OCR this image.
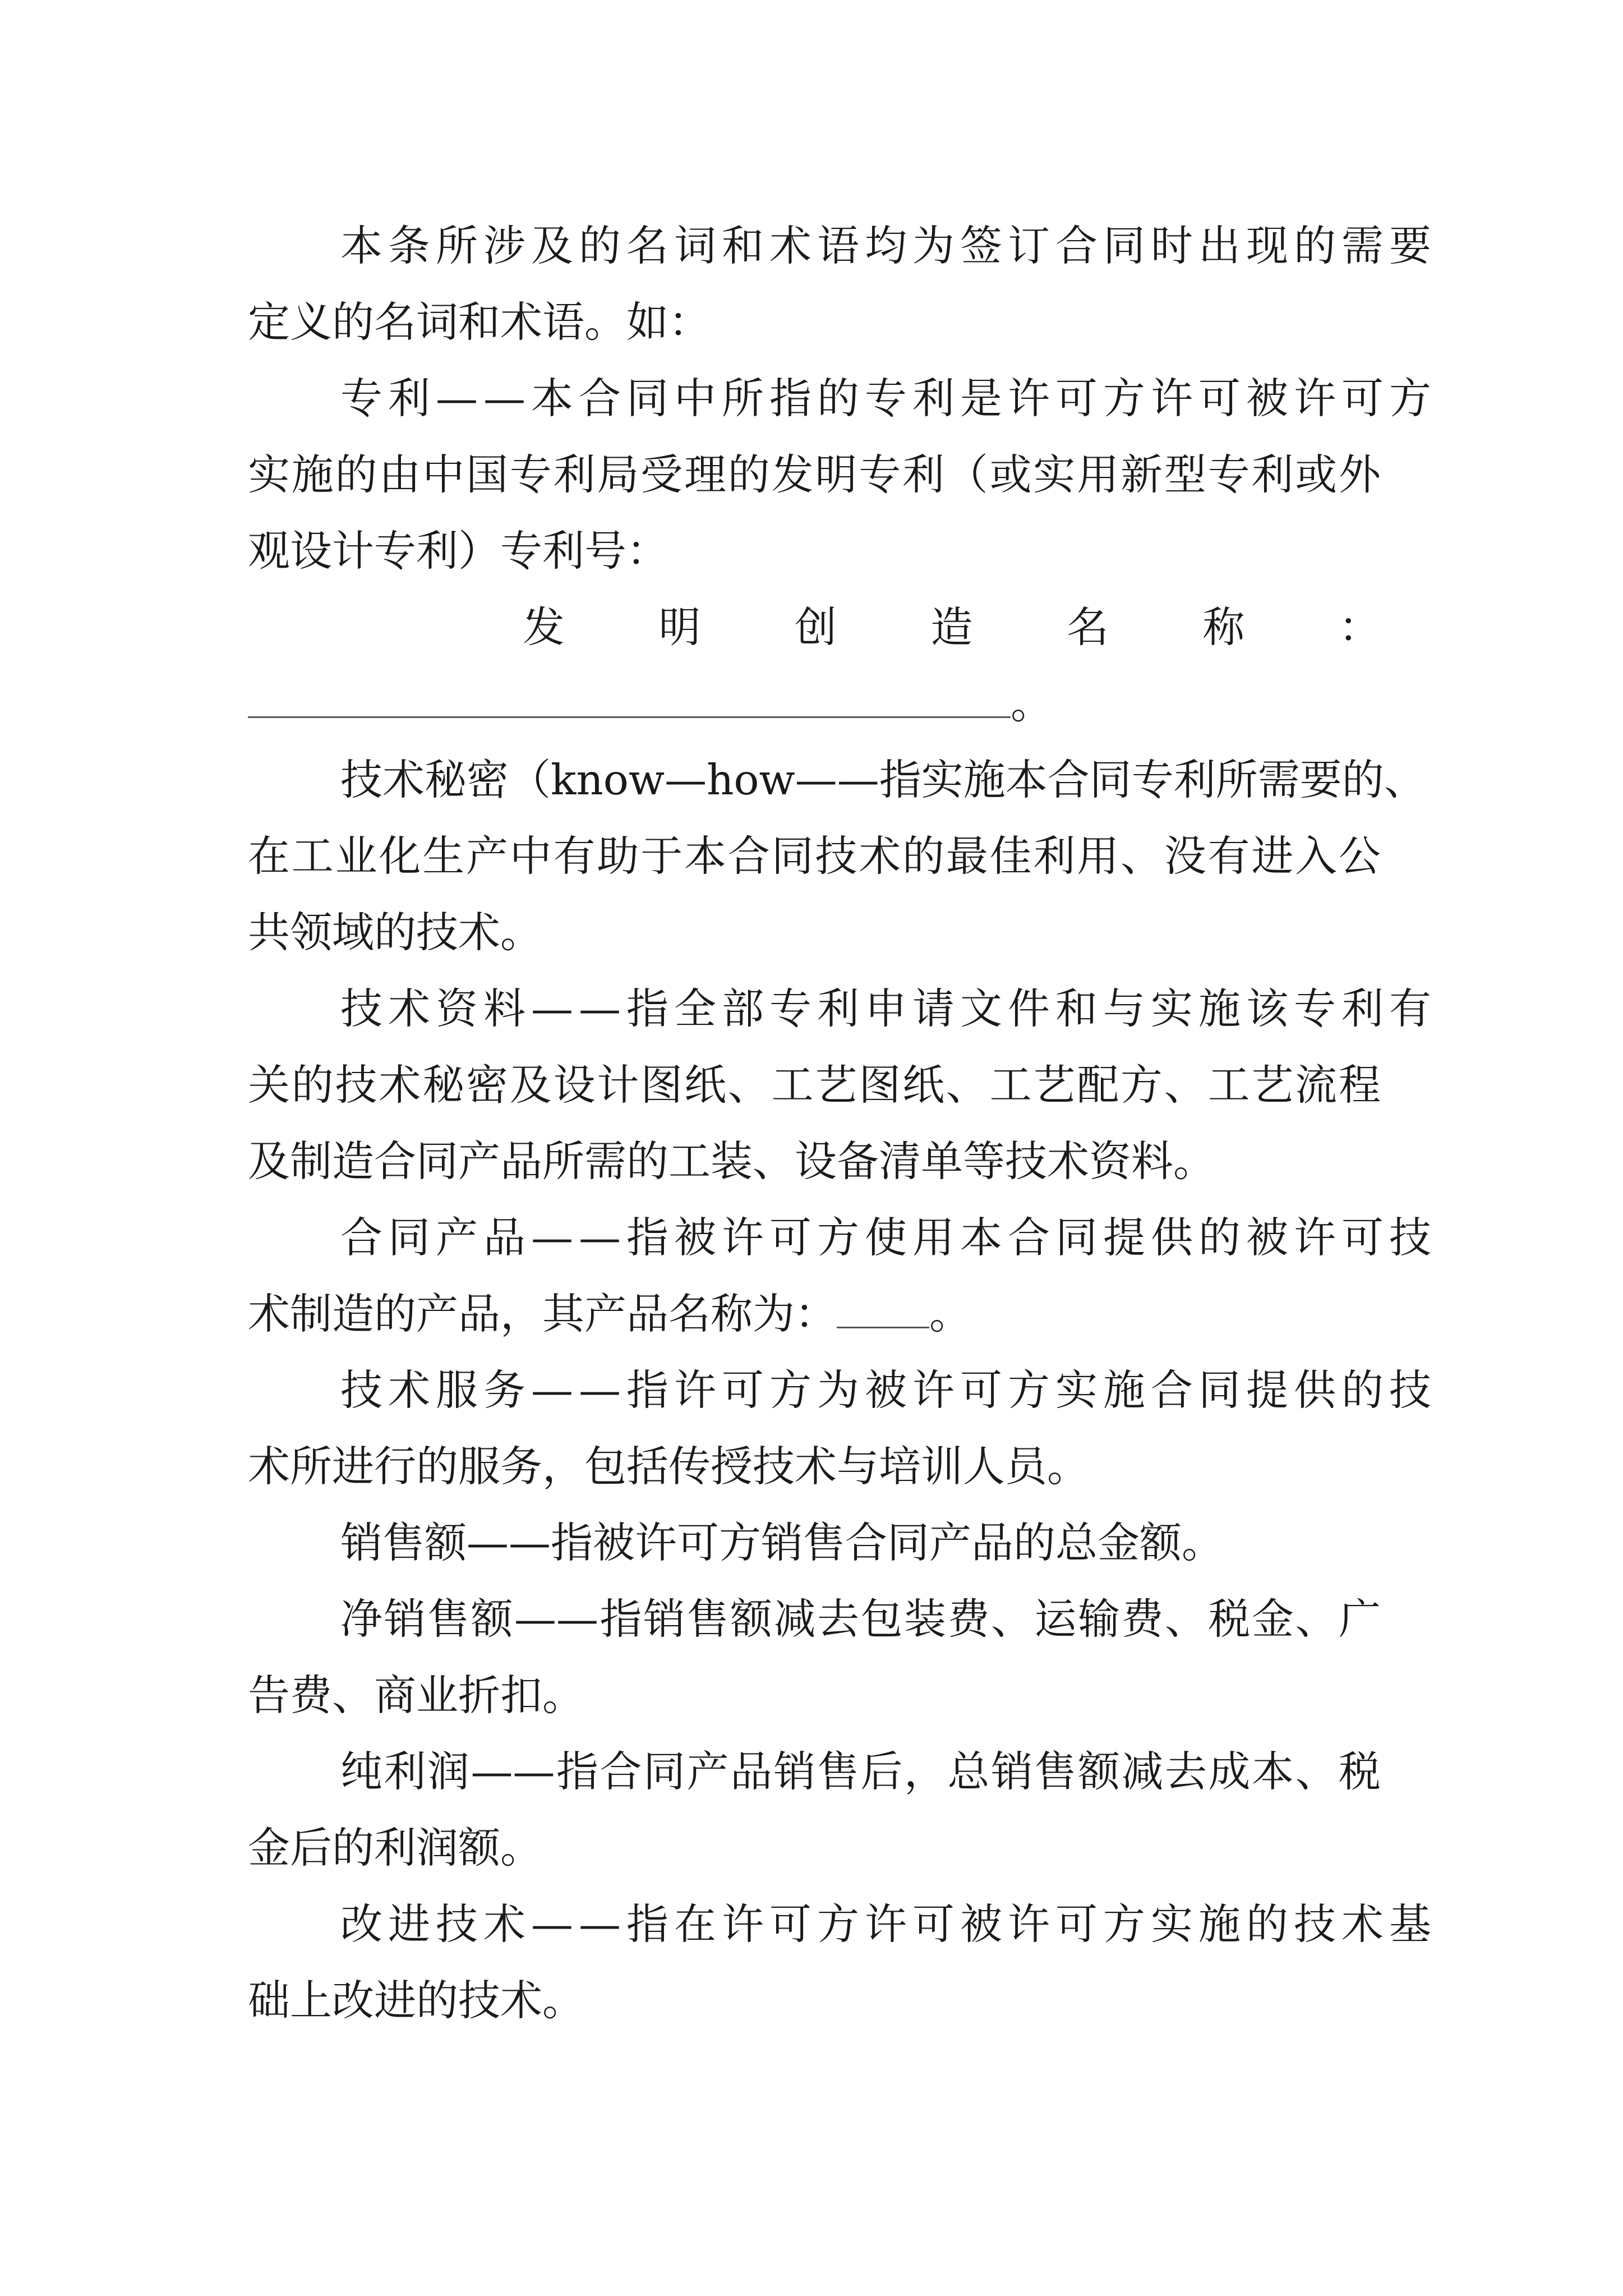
本条所涉及的名词和术语均为签订合同时出现的需要
定义的名词和术语。如：
专利——本合同中所指的专利是许可方许可被许可方
实施的由中国专利局受理的发明专利（或实用新型专利或外
观设计专利）专利号：
发 明 创 造 名 称 ：
。
技术秘密（know—how——指实施本合同专利所需要的、
在工业化生产中有助于本合同技术的最佳利用、没有进入公
共领域的技术。
技术资料——指全部专利申请文件和与实施该专利有
关的技术秘密及设计图纸、工艺图纸、工艺配方、工艺流程
及制造合同产品所需的工装、设备清单等技术资料。
合同产品——指被许可方使用本合同提供的被许可技
术制造的产品，其产品名称为： 。
技术服务——指许可方为被许可方实施合同提供的技
术所进行的服务，包括传授技术与培训人员。
销售额——指被许可方销售合同产品的总金额。
净销售额——指销售额减去包装费、运输费、税金、广
告费、商业折扣。
纯利润——指合同产品销售后，总销售额减去成本、税
金后的利润额。
改进技术——指在许可方许可被许可方实施的技术基
础上改进的技术。
